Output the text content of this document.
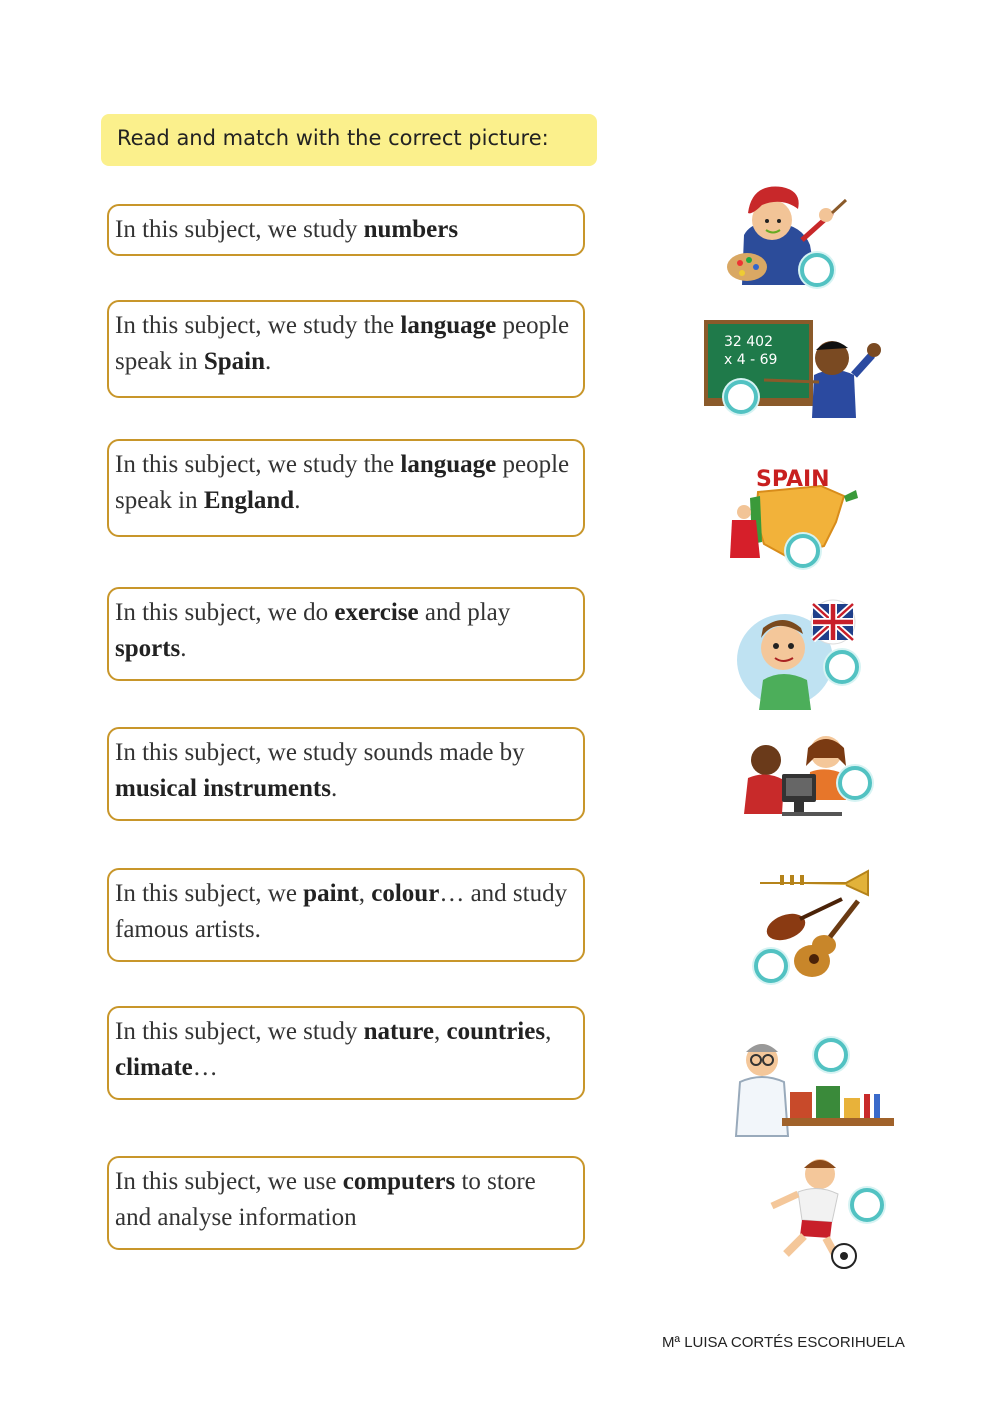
Read and match with the correct picture:
In this subject, we study numbers
In this subject, we study the language people speak in Spain.
In this subject, we study the language people speak in England.
In this subject, we do exercise and play sports.
In this subject, we study sounds made by musical instruments.
In this subject, we paint, colour… and study famous artists.
In this subject, we study nature, countries, climate…
In this subject, we use computers to store and analyse information
32 402
x 4 - 69
SPAIN
Mª LUISA CORTÉS ESCORIHUELA
